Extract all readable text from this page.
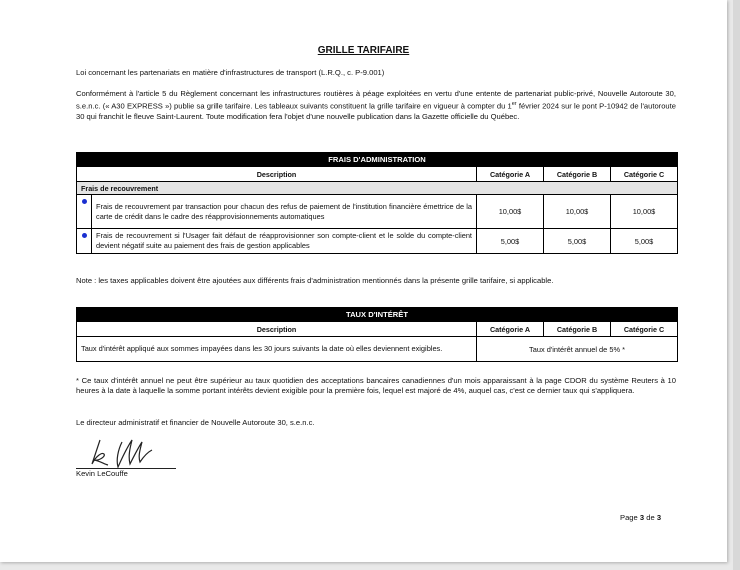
GRILLE TARIFAIRE
Loi concernant les partenariats en matière d'infrastructures de transport (L.R.Q., c. P-9.001)
Conformément à l'article 5 du Règlement concernant les infrastructures routières à péage exploitées en vertu d'une entente de partenariat public-privé, Nouvelle Autoroute 30, s.e.n.c. (« A30 EXPRESS ») publie sa grille tarifaire. Les tableaux suivants constituent la grille tarifaire en vigueur à compter du 1er février 2024 sur le pont P-10942 de l'autoroute 30 qui franchit le fleuve Saint-Laurent. Toute modification fera l'objet d'une nouvelle publication dans la Gazette officielle du Québec.
FRAIS D'ADMINISTRATION				
Description		Catégorie A	Catégorie B	Catégorie C
Frais de recouvrement				
	Frais de recouvrement par transaction pour chacun des refus de paiement de l'institution financière émettrice de la carte de crédit dans le cadre des réapprovisionnements automatiques	10,00$	10,00$	10,00$
	Frais de recouvrement si l'Usager fait défaut de réapprovisionner son compte-client et le solde du compte-client devient négatif suite au paiement des frais de gestion applicables	5,00$	5,00$	5,00$
Note : les taxes applicables doivent être ajoutées aux différents frais d'administration mentionnés dans la présente grille tarifaire, si applicable.
TAUX D'INTÉRÊT			
Description	Catégorie A	Catégorie B	Catégorie C
Taux d'intérêt appliqué aux sommes impayées dans les 30 jours suivants la date où elles deviennent exigibles.	Taux d'intérêt annuel de 5% *		
* Ce taux d'intérêt annuel ne peut être supérieur au taux quotidien des acceptations bancaires canadiennes d'un mois apparaissant à la page CDOR du système Reuters à 10 heures à la date à laquelle la somme portant intérêts devient exigible pour la première fois, lequel est majoré de 4%, auquel cas, c'est ce dernier taux qui s'appliquera.
Le directeur administratif et financier de Nouvelle Autoroute 30, s.e.n.c.
Kevin LeCouffe
Page 3 de 3
